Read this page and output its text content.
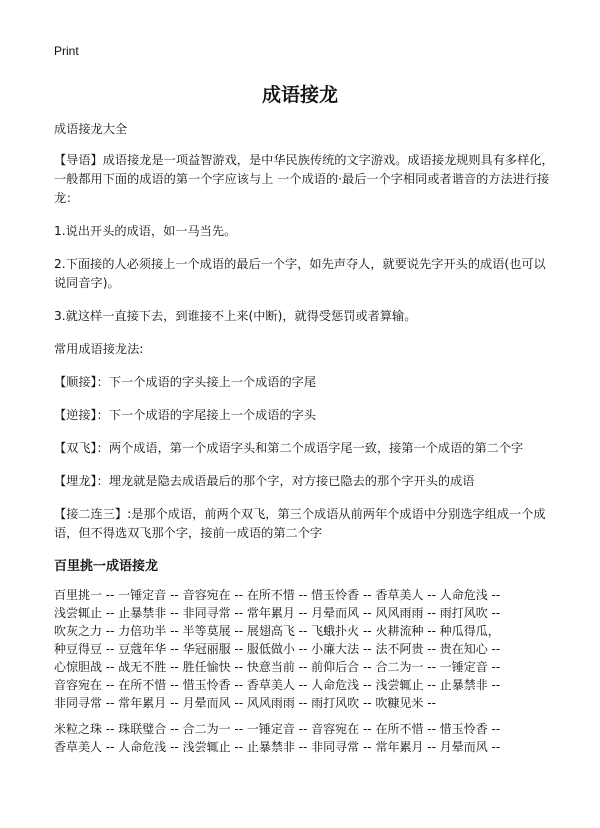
Print
成语接龙

成语接龙大全

【导语】成语接龙是一项益智游戏，是中华民族传统的文字游戏。成语接龙规则具有多样化，一般都用下面的成语的第一个字应该与上 一个成语的·最后一个字相同或者谐音的方法进行接龙：

1.说出开头的成语，如一马当先。

2.下面接的人必须接上一个成语的最后一个字，如先声夺人，就要说先字开头的成语(也可以说同音字)。

3.就这样一直接下去，到谁接不上来(中断)，就得受惩罚或者算输。

常用成语接龙法:

【顺接】：下一个成语的字头接上一个成语的字尾

【逆接】：下一个成语的字尾接上一个成语的字头

【双飞】：两个成语，第一个成语字头和第二个成语字尾一致，接第一个成语的第二个字

【埋龙】：埋龙就是隐去成语最后的那个字，对方接已隐去的那个字开头的成语

【接二连三】:是那个成语，前两个双飞，第三个成语从前两年个成语中分别选字组成一个成语，但不得选双飞那个字，接前一成语的第二个字

百里挑一成语接龙
百里挑一 -- 一锤定音 -- 音容宛在 -- 在所不惜 -- 惜玉怜香 -- 香草美人 -- 人命危浅 --
浅尝辄止 -- 止暴禁非 -- 非同寻常 -- 常年累月 -- 月晕而风 -- 风风雨雨 -- 雨打风吹 --
吹灰之力 -- 力倍功半 -- 半等莫展 -- 展翅高飞 -- 飞蛾扑火 -- 火耕流种 -- 种瓜得瓜，
种豆得豆 -- 豆蔻年华 -- 华冠丽服 -- 服低做小 -- 小廉大法 -- 法不阿贵 -- 贵在知心 --
心惊胆战 -- 战无不胜 -- 胜任愉快 -- 快意当前 -- 前仰后合 -- 合二为一 -- 一锤定音 --
音容宛在 -- 在所不惜 -- 惜玉怜香 -- 香草美人 -- 人命危浅 -- 浅尝辄止 -- 止暴禁非 --
非同寻常 -- 常年累月 -- 月晕而风 -- 风风雨雨 -- 雨打风吹 -- 吹糠见米 --
米粒之珠 -- 珠联璧合 -- 合二为一 -- 一锤定音 -- 音容宛在 -- 在所不惜 -- 惜玉怜香 --
香草美人 -- 人命危浅 -- 浅尝辄止 -- 止暴禁非 -- 非同寻常 -- 常年累月 -- 月晕而风 --
